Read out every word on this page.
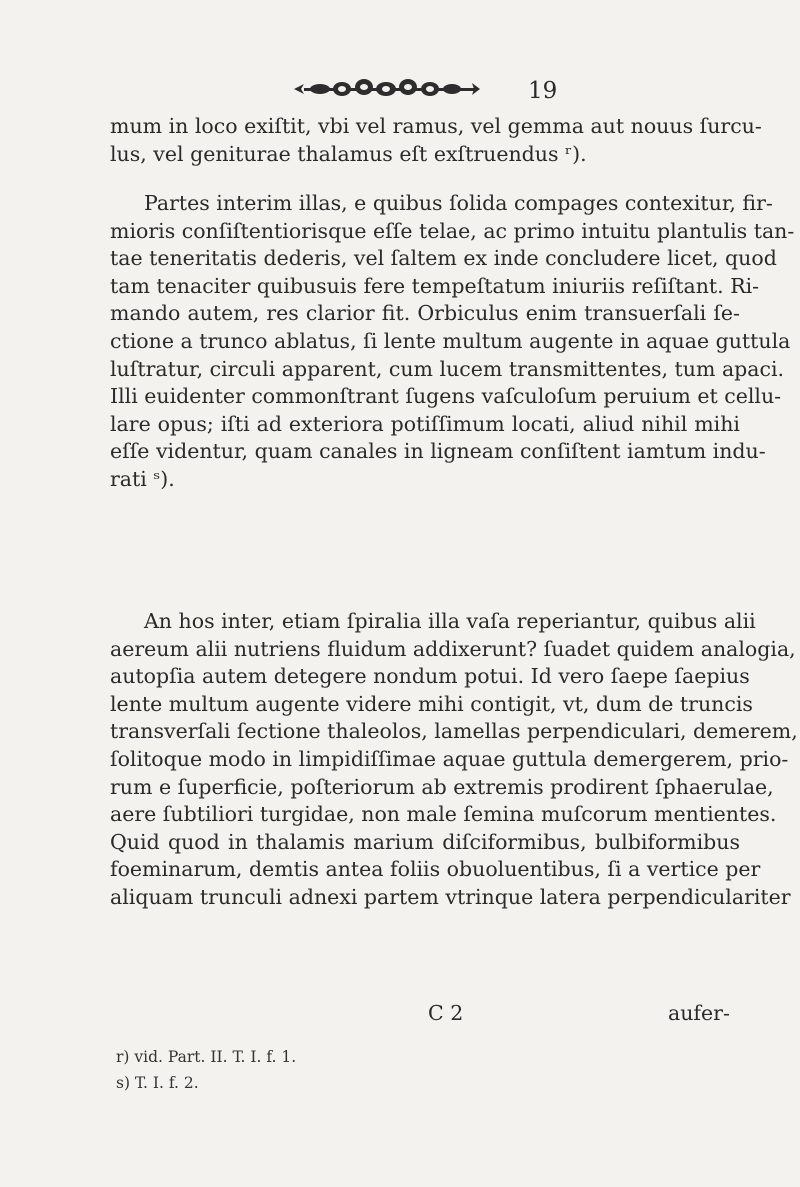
19
mum in loco exiſtit, vbi vel ramus, vel gemma aut nouus ſurcu-
lus, vel geniturae thalamus eſt exſtruendus ʳ).
Partes interim illas, e quibus ſolida compages contexitur, fir-
mioris conſiſtentiorisque eſſe telae, ac primo intuitu plantulis tan-
tae teneritatis dederis, vel ſaltem ex inde concludere licet, quod
tam tenaciter quibusuis fere tempeſtatum iniuriis reſiſtant. Ri-
mando autem, res clarior fit. Orbiculus enim transuerſali ſe-
ctione a trunco ablatus, ſi lente multum augente in aquae guttula
luſtratur, circuli apparent, cum lucem transmittentes, tum apaci.
Illi euidenter commonſtrant ſugens vaſculoſum peruium et cellu-
lare opus; iſti ad exteriora potiſſimum locati, aliud nihil mihi
eſſe videntur, quam canales in ligneam conſiſtent iamtum indu-
rati ˢ).
An hos inter, etiam ſpiralia illa vaſa reperiantur, quibus alii
aereum alii nutriens fluidum addixerunt? ſuadet quidem analogia,
autopſia autem detegere nondum potui. Id vero ſaepe ſaepius
lente multum augente videre mihi contigit, vt, dum de truncis
transverſali ſectione thaleolos, lamellas perpendiculari, demerem,
ſolitoque modo in limpidiſſimae aquae guttula demergerem, prio-
rum e ſuperficie, poſteriorum ab extremis prodirent ſphaerulae,
aere ſubtiliori turgidae, non male ſemina muſcorum mentientes.
Quid quod in thalamis marium diſciformibus, bulbiformibus
foeminarum, demtis antea foliis obuoluentibus, ſi a vertice per
aliquam trunculi adnexi partem vtrinque latera perpendiculariter
C 2	aufer-
r) vid. Part. II. T. I. f. 1.
s) T. I. f. 2.
